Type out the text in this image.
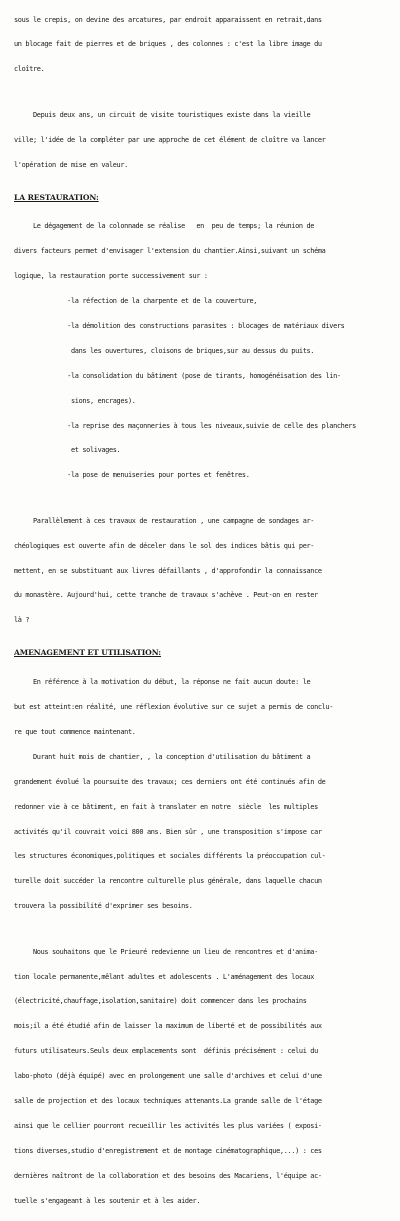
sous le crepis, on devine des arcatures, par endroit apparaissent en retrait,dans

un blocage fait de pierres et de briques , des colonnes : c'est la libre image du

cloître.

Depuis deux ans, un circuit de visite touristiques existe dans la vieille

ville; l'idée de la compléter par une approche de cet élément de cloître va lancer

l'opération de mise en valeur.

LA RESTAURATION:

Le dégagement de la colonnade se réalise   en  peu de temps; la réunion de

divers facteurs permet d'envisager l'extension du chantier.Ainsi,suivant un schéma

logique, la restauration porte successivement sur :

-la réfection de la charpente et de la couverture,

-la démolition des constructions parasites : blocages de matériaux divers

dans les ouvertures, cloisons de briques,sur au dessus du puits.

-la consolidation du bâtiment (pose de tirants, homogénéisation des lin-

sions, encrages).

-la reprise des maçonneries à tous les niveaux,suivie de celle des planchers

et solivages.

-la pose de menuiseries pour portes et fenêtres.

Parallèlement à ces travaux de restauration , une campagne de sondages ar-

chéologiques est ouverte afin de déceler dans le sol des indices bâtis qui per-

mettent, en se substituant aux livres défaillants , d'approfondir la connaissance

du monastère. Aujourd'hui, cette tranche de travaux s'achève . Peut-on en rester

là ?

AMENAGEMENT ET UTILISATION:

En référence à la motivation du début, la réponse ne fait aucun doute: le

but est atteint:en réalité, une réflexion évolutive sur ce sujet a permis de conclu-

re que tout commence maintenant.

Durant huit mois de chantier, , la conception d'utilisation du bâtiment a

grandement évolué la poursuite des travaux; ces derniers ont été continués afin de

redonner vie à ce bâtiment, en fait à translater en notre  siècle  les multiples

activités qu'il couvrait voici 800 ans. Bien sûr , une transposition s'impose car

les structures économiques,politiques et sociales différents la préoccupation cul-

turelle doit succéder la rencontre culturelle plus générale, dans laquelle chacun

trouvera la possibilité d'exprimer ses besoins.

Nous souhaitons que le Prieuré redevienne un lieu de rencontres et d'anima-

tion locale permanente,mêlant adultes et adolescents . L'aménagement des locaux

(électricité,chauffage,isolation,sanitaire) doit commencer dans les prochains

mois;il a été étudié afin de laisser la maximum de liberté et de possibilités aux

futurs utilisateurs.Seuls deux emplacements sont  définis précisément : celui du

labo-photo (déjà équipé) avec en prolongement une salle d'archives et celui d'une

salle de projection et des locaux techniques attenants.La grande salle de l'étage

ainsi que le cellier pourront recueillir les activités les plus variées ( exposi-

tions diverses,studio d'enregistrement et de montage cinématographique,...) : ces

dernières naîtront de la collaboration et des besoins des Macariens, l'équipe ac-

tuelle s'engageant à les soutenir et à les aider.
